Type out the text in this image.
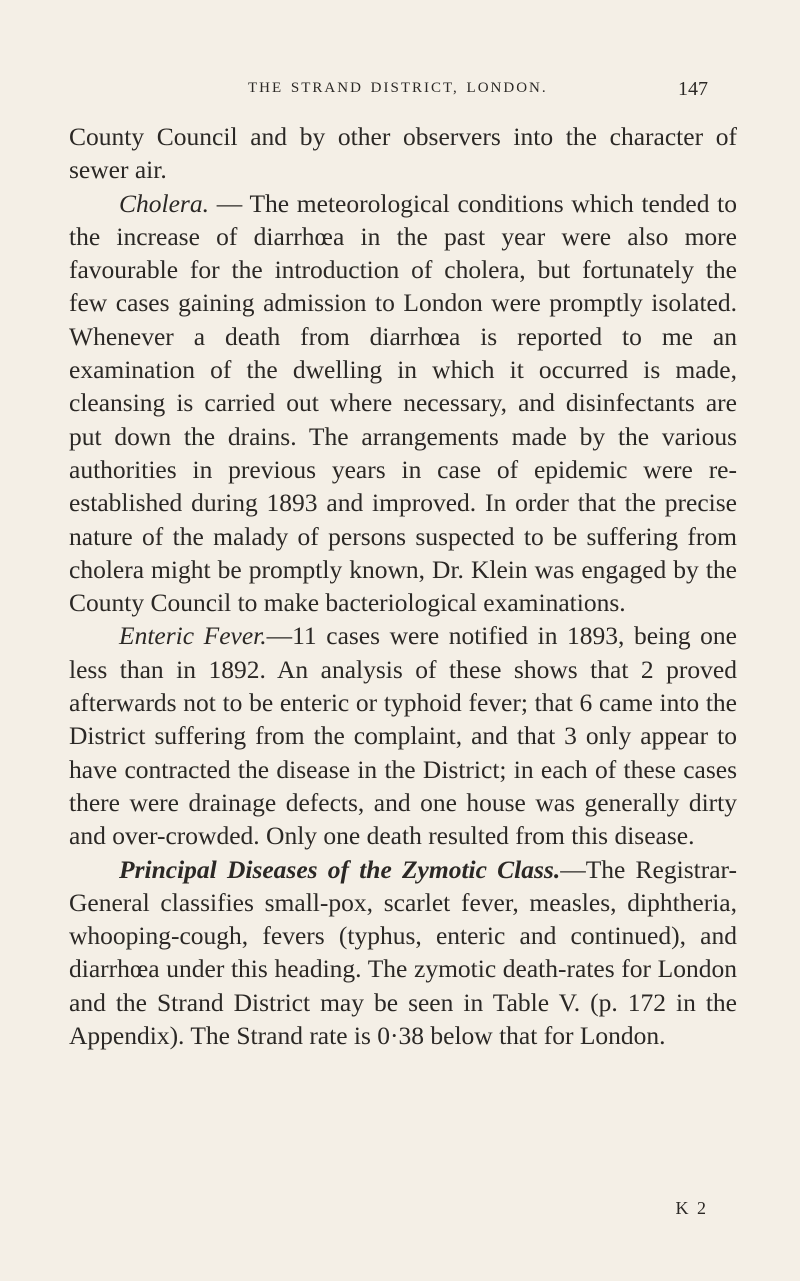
THE STRAND DISTRICT, LONDON.	147

County Council and by other observers into the character of sewer air.

Cholera. — The meteorological conditions which tended to the increase of diarrhœa in the past year were also more favourable for the introduction of cholera, but fortunately the few cases gaining admission to London were promptly isolated. Whenever a death from diarrhœa is reported to me an examination of the dwelling in which it occurred is made, cleansing is carried out where necessary, and disinfectants are put down the drains. The arrangements made by the various authorities in previous years in case of epidemic were re-established during 1893 and improved. In order that the precise nature of the malady of persons suspected to be suffering from cholera might be promptly known, Dr. Klein was engaged by the County Council to make bacteriological examinations.

Enteric Fever.—11 cases were notified in 1893, being one less than in 1892. An analysis of these shows that 2 proved afterwards not to be enteric or typhoid fever; that 6 came into the District suffering from the complaint, and that 3 only appear to have contracted the disease in the District; in each of these cases there were drainage defects, and one house was generally dirty and over-crowded. Only one death resulted from this disease.

Principal Diseases of the Zymotic Class.—The Registrar-General classifies small-pox, scarlet fever, measles, diphtheria, whooping-cough, fevers (typhus, enteric and continued), and diarrhœa under this heading. The zymotic death-rates for London and the Strand District may be seen in Table V. (p. 172 in the Appendix). The Strand rate is 0·38 below that for London.

K 2
